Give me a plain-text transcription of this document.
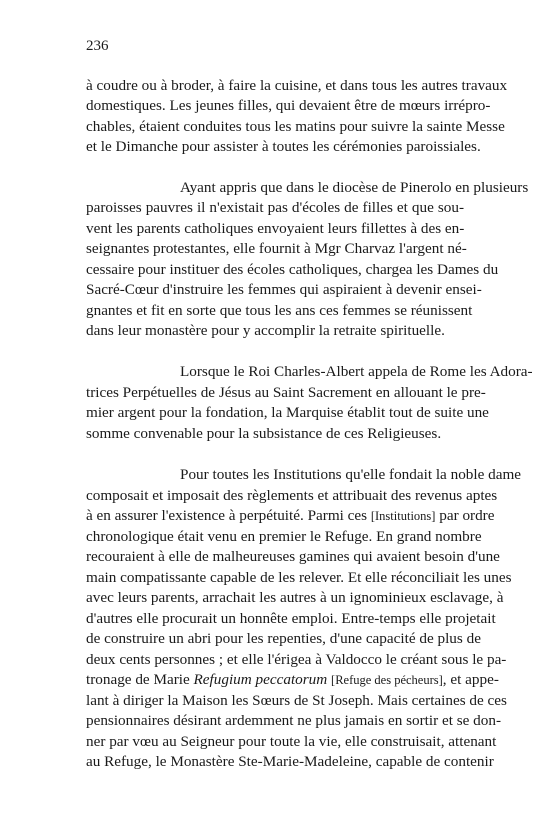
236
à coudre ou à broder, à faire la cuisine, et dans tous les autres travaux
domestiques. Les jeunes filles, qui devaient être de mœurs irrépro-
chables, étaient conduites tous les matins pour suivre la sainte Messe
et le Dimanche pour assister à toutes les cérémonies paroissiales.
Ayant appris que dans le diocèse de Pinerolo en plusieurs
paroisses pauvres il n'existait pas d'écoles de filles et que sou-
vent les parents catholiques envoyaient leurs fillettes à des en-
seignantes protestantes, elle fournit à Mgr Charvaz l'argent né-
cessaire pour instituer des écoles catholiques, chargea les Dames du
Sacré-Cœur d'instruire les femmes qui aspiraient à devenir ensei-
gnantes et fit en sorte que tous les ans ces femmes se réunissent
dans leur monastère pour y accomplir la retraite spirituelle.
Lorsque le Roi Charles-Albert appela de Rome les Adora-
trices Perpétuelles de Jésus au Saint Sacrement en allouant le pre-
mier argent pour la fondation, la Marquise établit tout de suite une
somme convenable pour la subsistance de ces Religieuses.
Pour toutes les Institutions qu'elle fondait la noble dame
composait et imposait des règlements et attribuait des revenus aptes
à en assurer l'existence à perpétuité. Parmi ces [Institutions] par ordre
chronologique était venu en premier le Refuge. En grand nombre
recouraient à elle de malheureuses gamines qui avaient besoin d'une
main compatissante capable de les relever. Et elle réconciliait les unes
avec leurs parents, arrachait les autres à un ignominieux esclavage, à
d'autres elle procurait un honnête emploi. Entre-temps elle projetait
de construire un abri pour les repenties, d'une capacité de plus de
deux cents personnes ; et elle l'érigea à Valdocco le créant sous le pa-
tronage de Marie Refugium peccatorum [Refuge des pécheurs], et appe-
lant à diriger la Maison les Sœurs de St Joseph. Mais certaines de ces
pensionnaires désirant ardemment ne plus jamais en sortir et se don-
ner par vœu au Seigneur pour toute la vie, elle construisait, attenant
au Refuge, le Monastère Ste-Marie-Madeleine, capable de contenir
